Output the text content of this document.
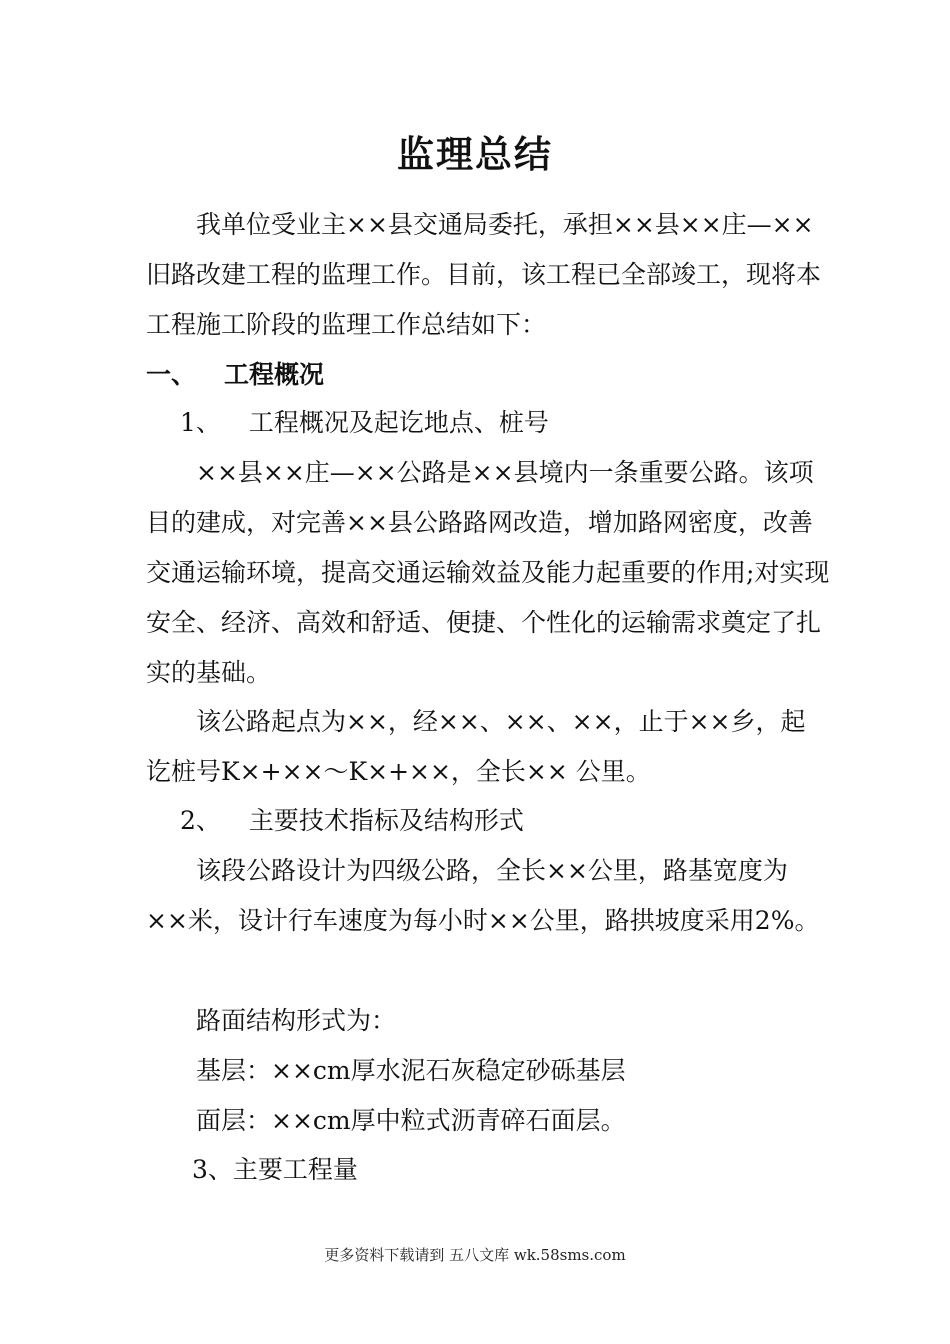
监理总结
我单位受业主××县交通局委托，承担××县××庄—××旧路改建工程的监理工作。目前，该工程已全部竣工，现将本工程施工阶段的监理工作总结如下：
一、 工程概况
1、 工程概况及起讫地点、桩号
××县××庄—××公路是××县境内一条重要公路。该项目的建成，对完善××县公路路网改造，增加路网密度，改善交通运输环境，提高交通运输效益及能力起重要的作用;对实现安全、经济、高效和舒适、便捷、个性化的运输需求奠定了扎实的基础。
该公路起点为××，经××、××、××，止于××乡，起讫桩号K×+××～K×+××，全长×× 公里。
2、 主要技术指标及结构形式
该段公路设计为四级公路，全长××公里，路基宽度为××米，设计行车速度为每小时××公里，路拱坡度采用2%。
路面结构形式为：
基层：××cm厚水泥石灰稳定砂砾基层
面层：××cm厚中粒式沥青碎石面层。
3、主要工程量
更多资料下载请到 五八文库 wk.58sms.com
